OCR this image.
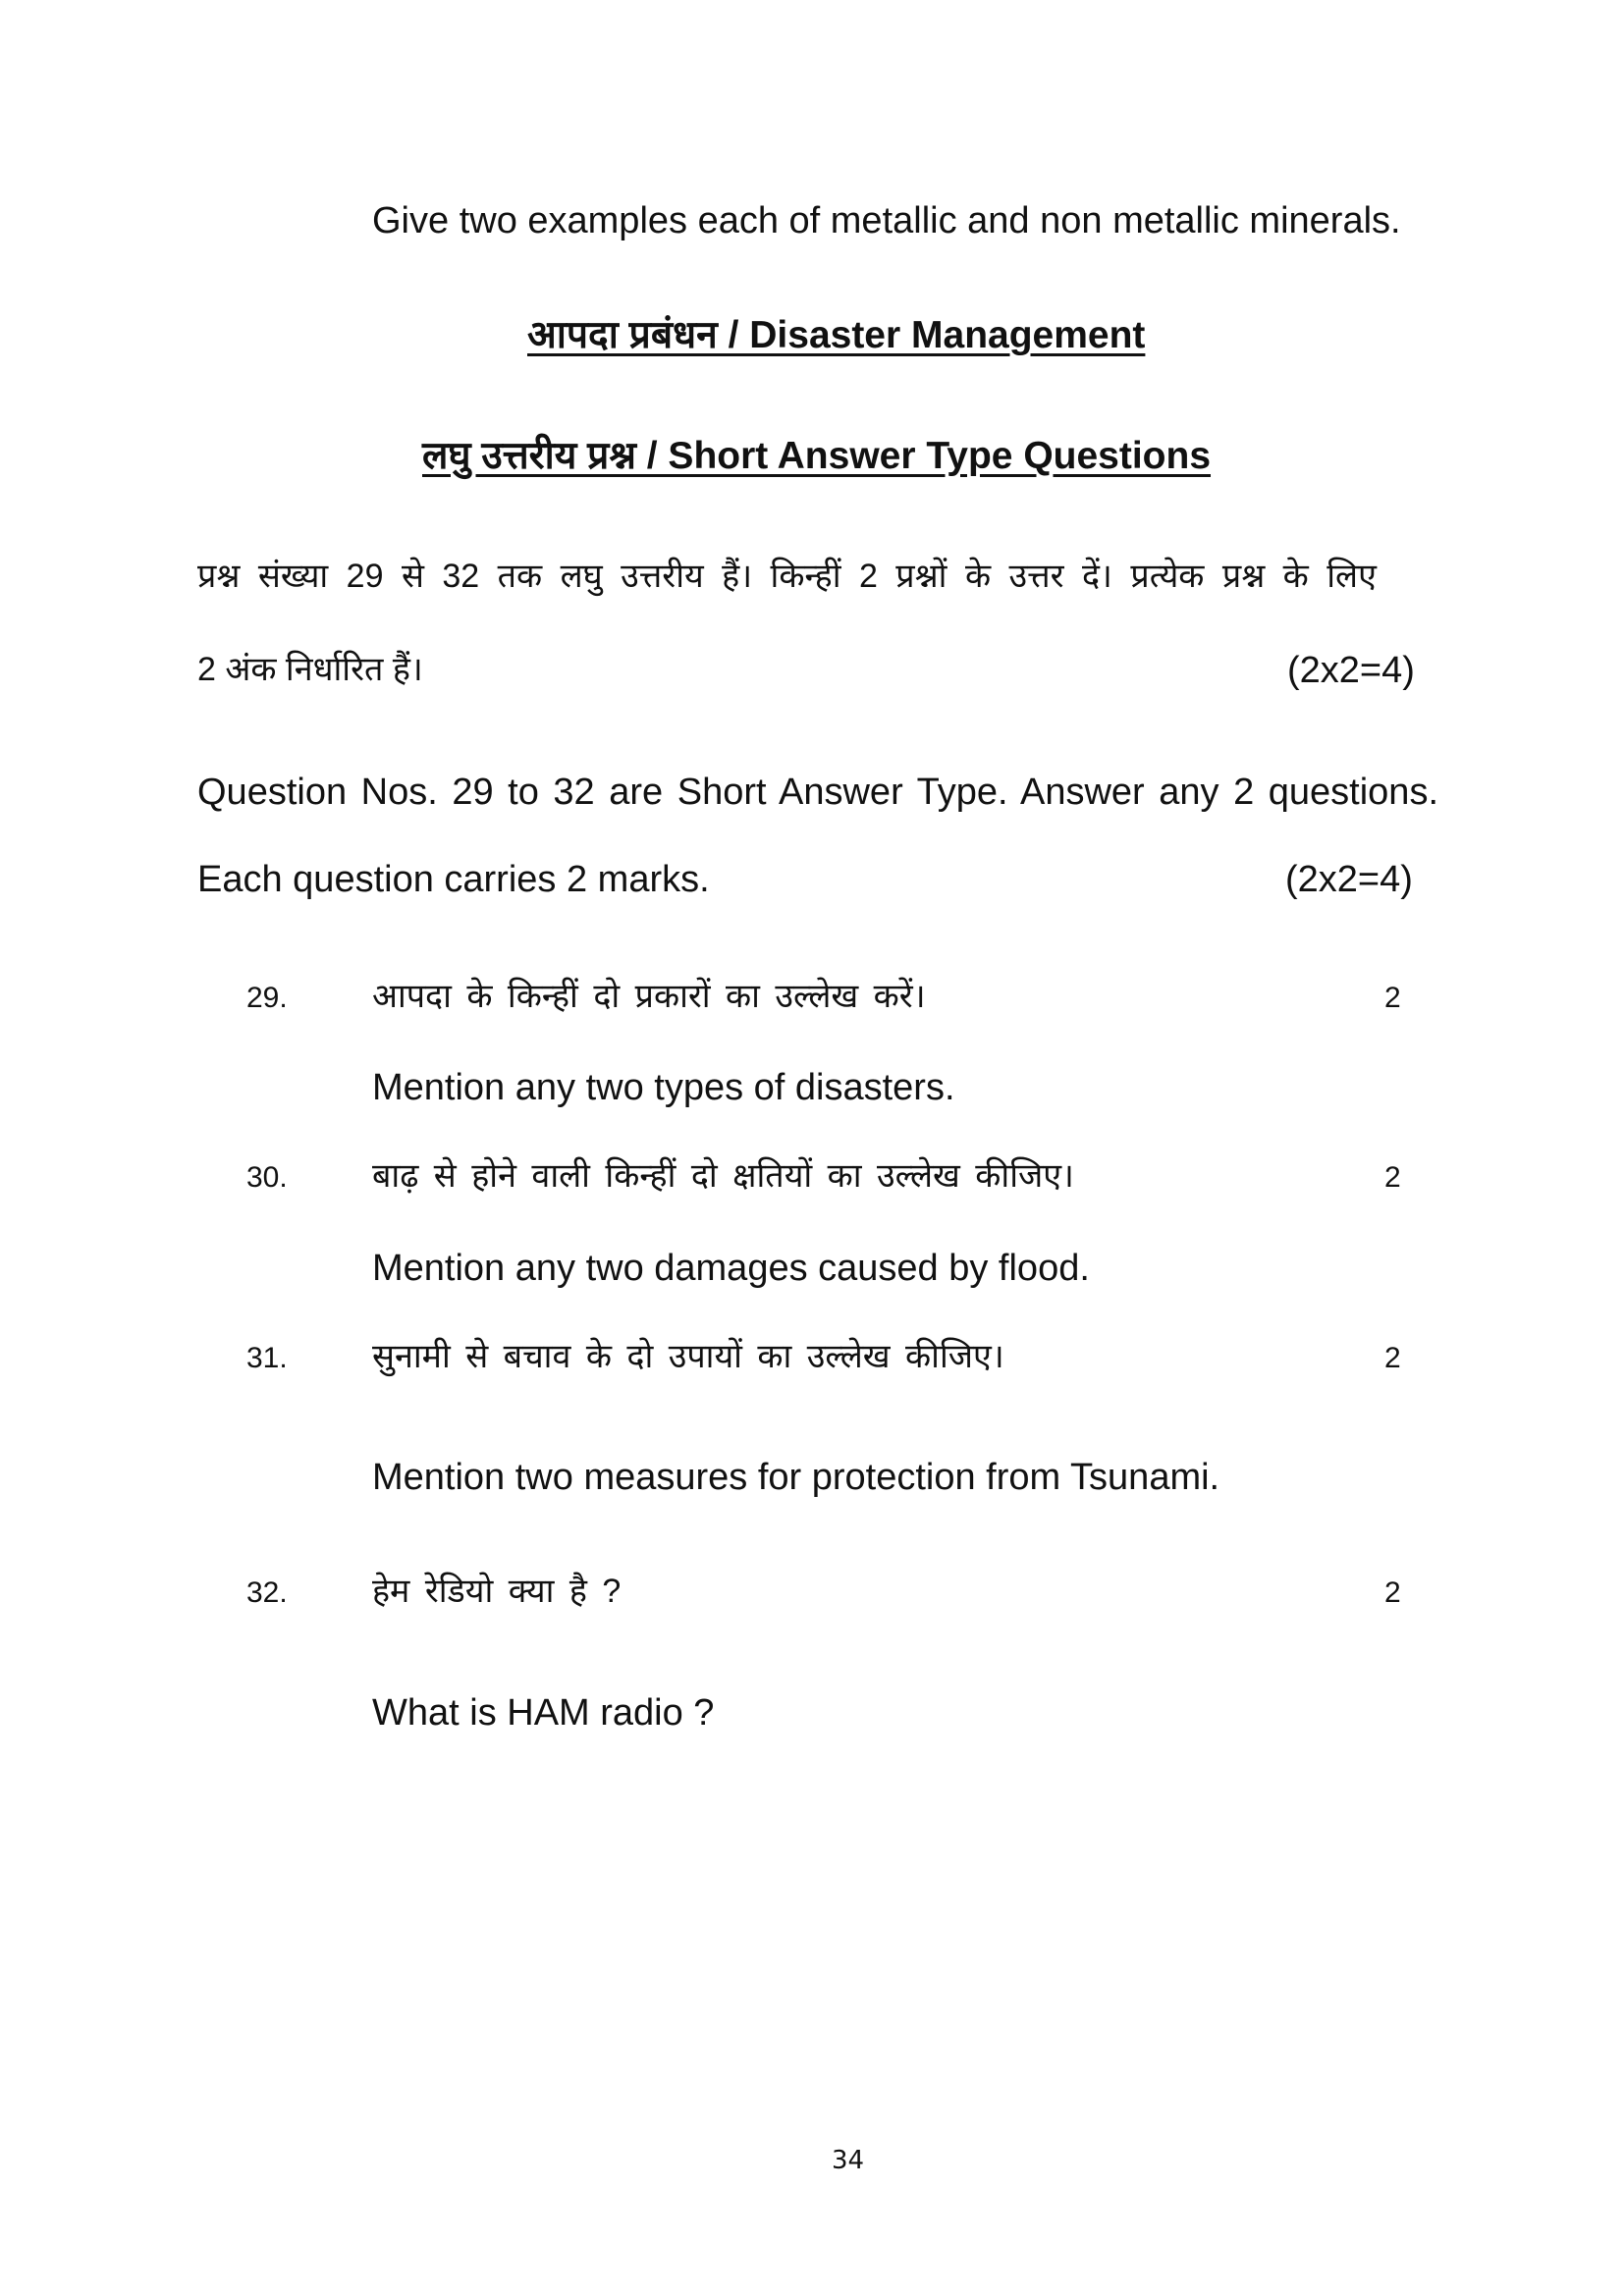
Give two examples each of metallic and non metallic minerals.
आपदा प्रबंधन / Disaster Management
लघु उत्तरीय प्रश्न / Short Answer Type Questions
प्रश्न संख्या 29 से 32 तक लघु उत्तरीय हैं। किन्हीं 2 प्रश्नों के उत्तर दें। प्रत्येक प्रश्न के लिए
2 अंक निर्धारित हैं।	(2x2=4)
Question Nos. 29 to 32 are Short Answer Type. Answer any 2 questions.
Each question carries 2 marks.	(2x2=4)
29.	आपदा के किन्हीं दो प्रकारों का उल्लेख करें।	2
Mention any two types of disasters.
30.	बाढ़ से होने वाली किन्हीं दो क्षतियों का उल्लेख कीजिए।	2
Mention any two damages caused by flood.
31.	सुनामी से बचाव के दो उपायों का उल्लेख कीजिए।	2
Mention two measures for protection from Tsunami.
32.	हेम रेडियो क्या है ?	2
What is HAM radio ?
34
